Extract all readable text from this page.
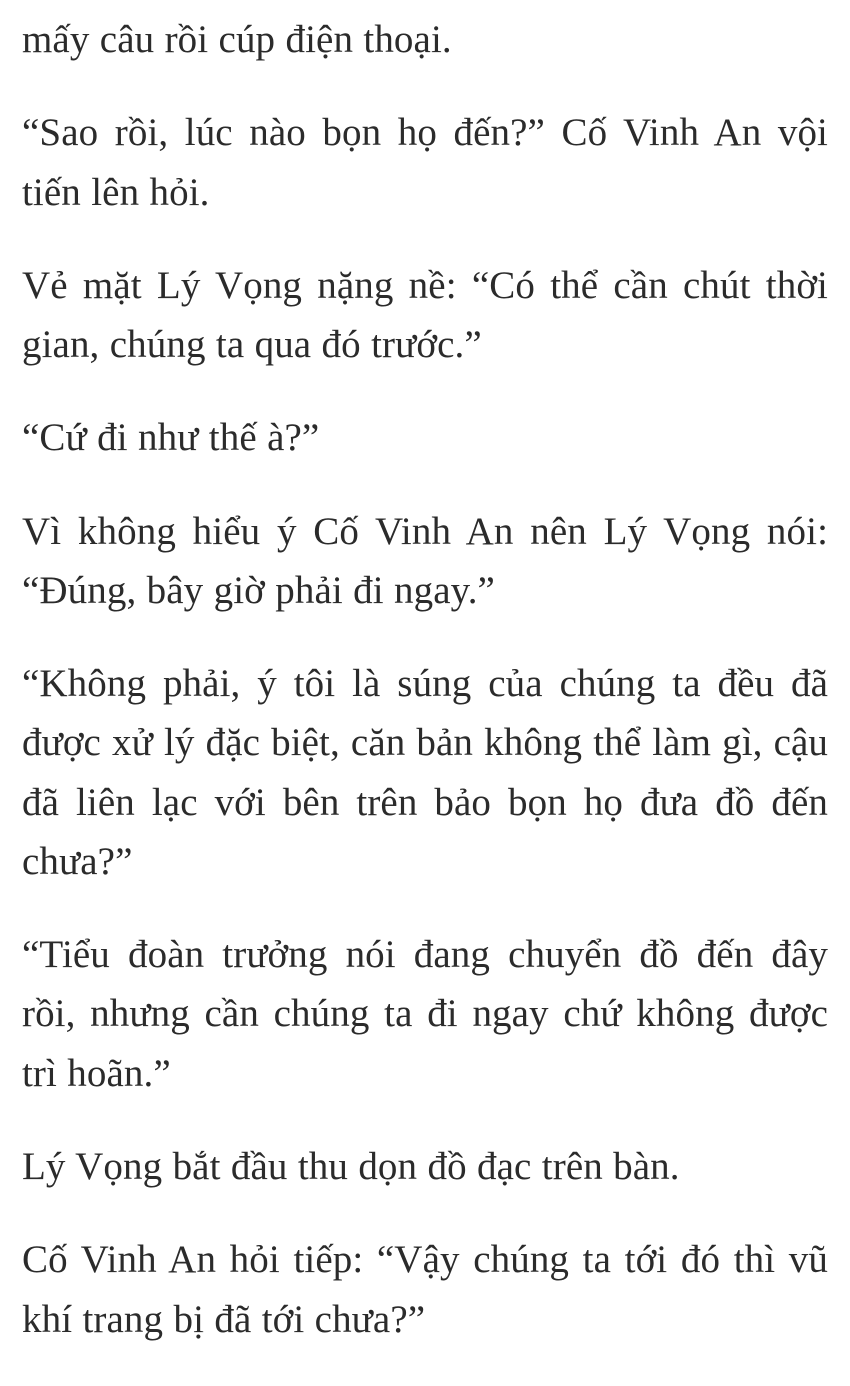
mấy câu rồi cúp điện thoại.

“Sao rồi, lúc nào bọn họ đến?” Cố Vinh An vội tiến lên hỏi.

Vẻ mặt Lý Vọng nặng nề: “Có thể cần chút thời gian, chúng ta qua đó trước.”

“Cứ đi như thế à?”

Vì không hiểu ý Cố Vinh An nên Lý Vọng nói: “Đúng, bây giờ phải đi ngay.”

“Không phải, ý tôi là súng của chúng ta đều đã được xử lý đặc biệt, căn bản không thể làm gì, cậu đã liên lạc với bên trên bảo bọn họ đưa đồ đến chưa?”

“Tiểu đoàn trưởng nói đang chuyển đồ đến đây rồi, nhưng cần chúng ta đi ngay chứ không được trì hoãn.”

Lý Vọng bắt đầu thu dọn đồ đạc trên bàn.

Cố Vinh An hỏi tiếp: “Vậy chúng ta tới đó thì vũ khí trang bị đã tới chưa?”
